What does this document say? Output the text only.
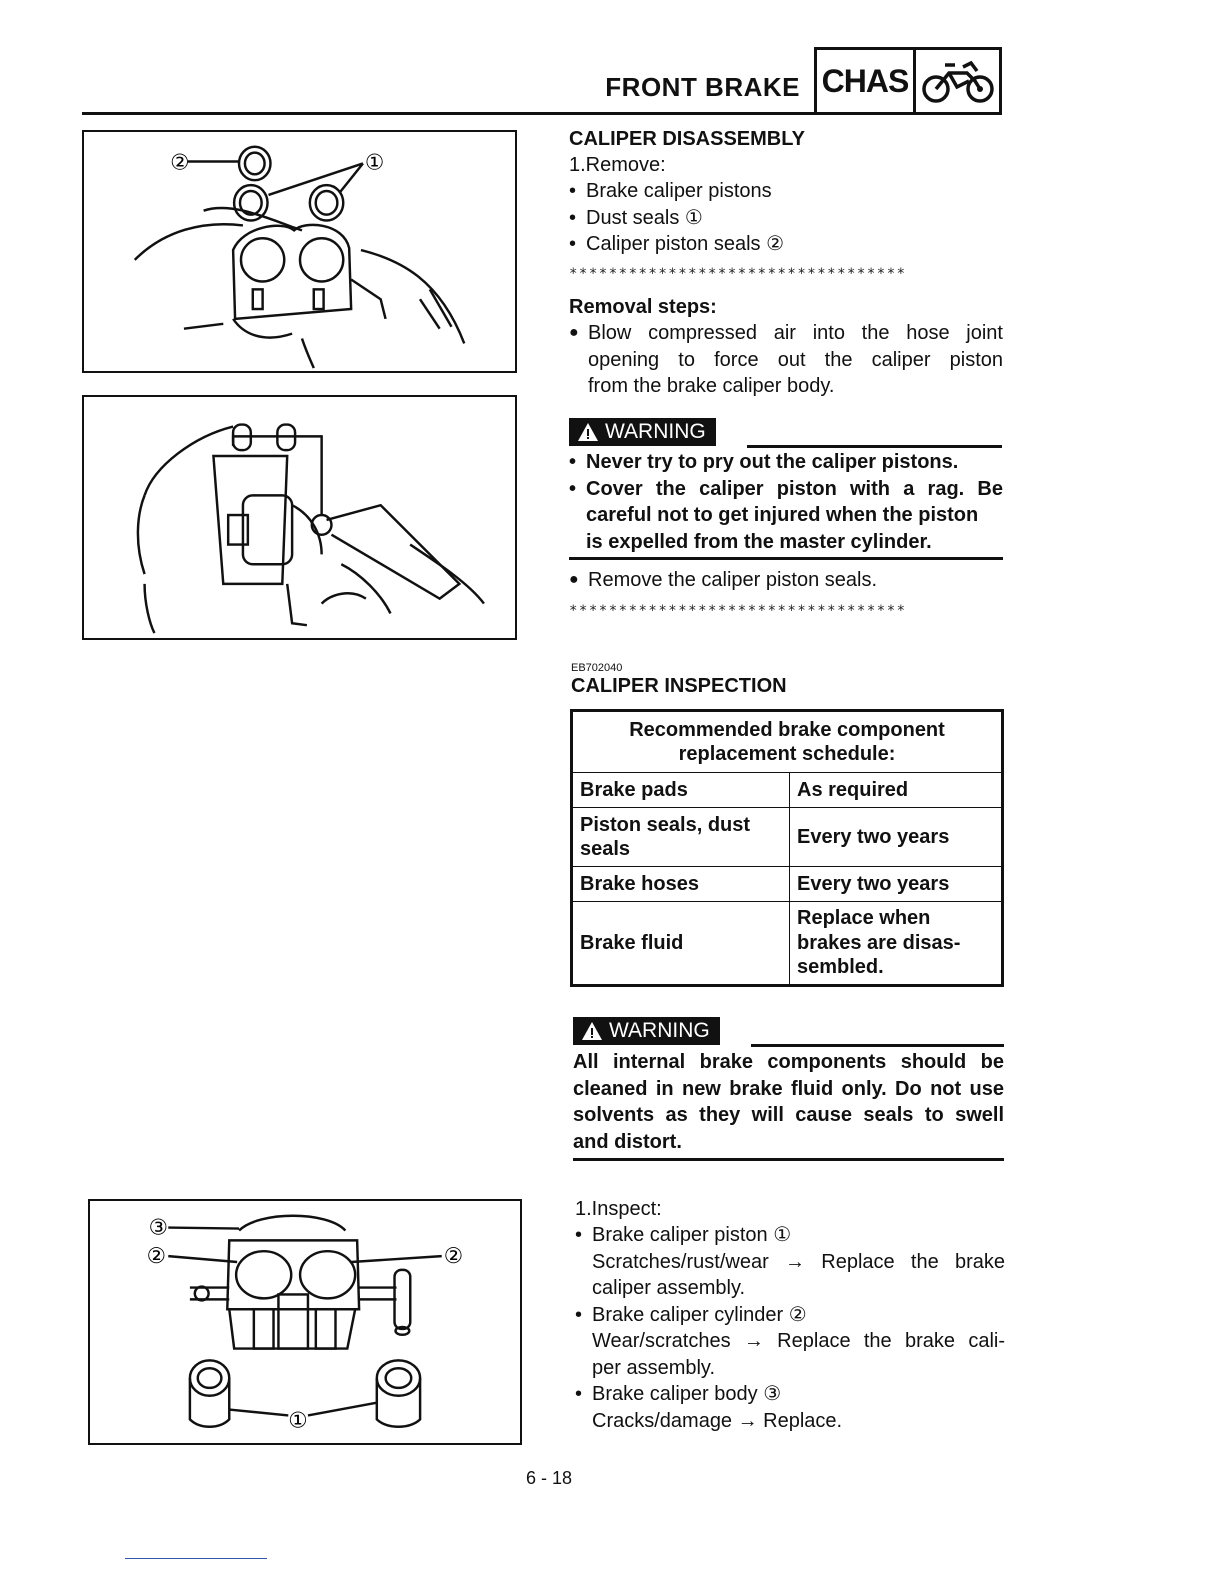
FRONT BRAKE CHAS
②	①
③
②	②
①
CALIPER DISASSEMBLY
1.Remove:
• Brake caliper pistons
• Dust seals ①
• Caliper piston seals ②
**********************************
Removal steps:
● Blow compressed air into the hose joint
opening to force out the caliper piston
from the brake caliper body.
WARNING
• Never try to pry out the caliper pistons.
• Cover the caliper piston with a rag. Be
careful not to get injured when the piston
is expelled from the master cylinder.
● Remove the caliper piston seals.
**********************************
EB702040
CALIPER INSPECTION
Recommended brake component
replacement schedule:	

Brake pads	As required

Piston seals, dust
seals	Every two years

Brake hoses	Every two years

Brake fluid	Replace when
brakes are disas-
sembled.
WARNING
All internal brake components should be
cleaned in new brake fluid only. Do not use
solvents as they will cause seals to swell
and distort.
1.Inspect:
• Brake caliper piston ①
Scratches/rust/wear → Replace the brake
caliper assembly.
• Brake caliper cylinder ②
Wear/scratches → Replace the brake cali-
per assembly.
• Brake caliper body ③
Cracks/damage → Replace.
6 - 18
